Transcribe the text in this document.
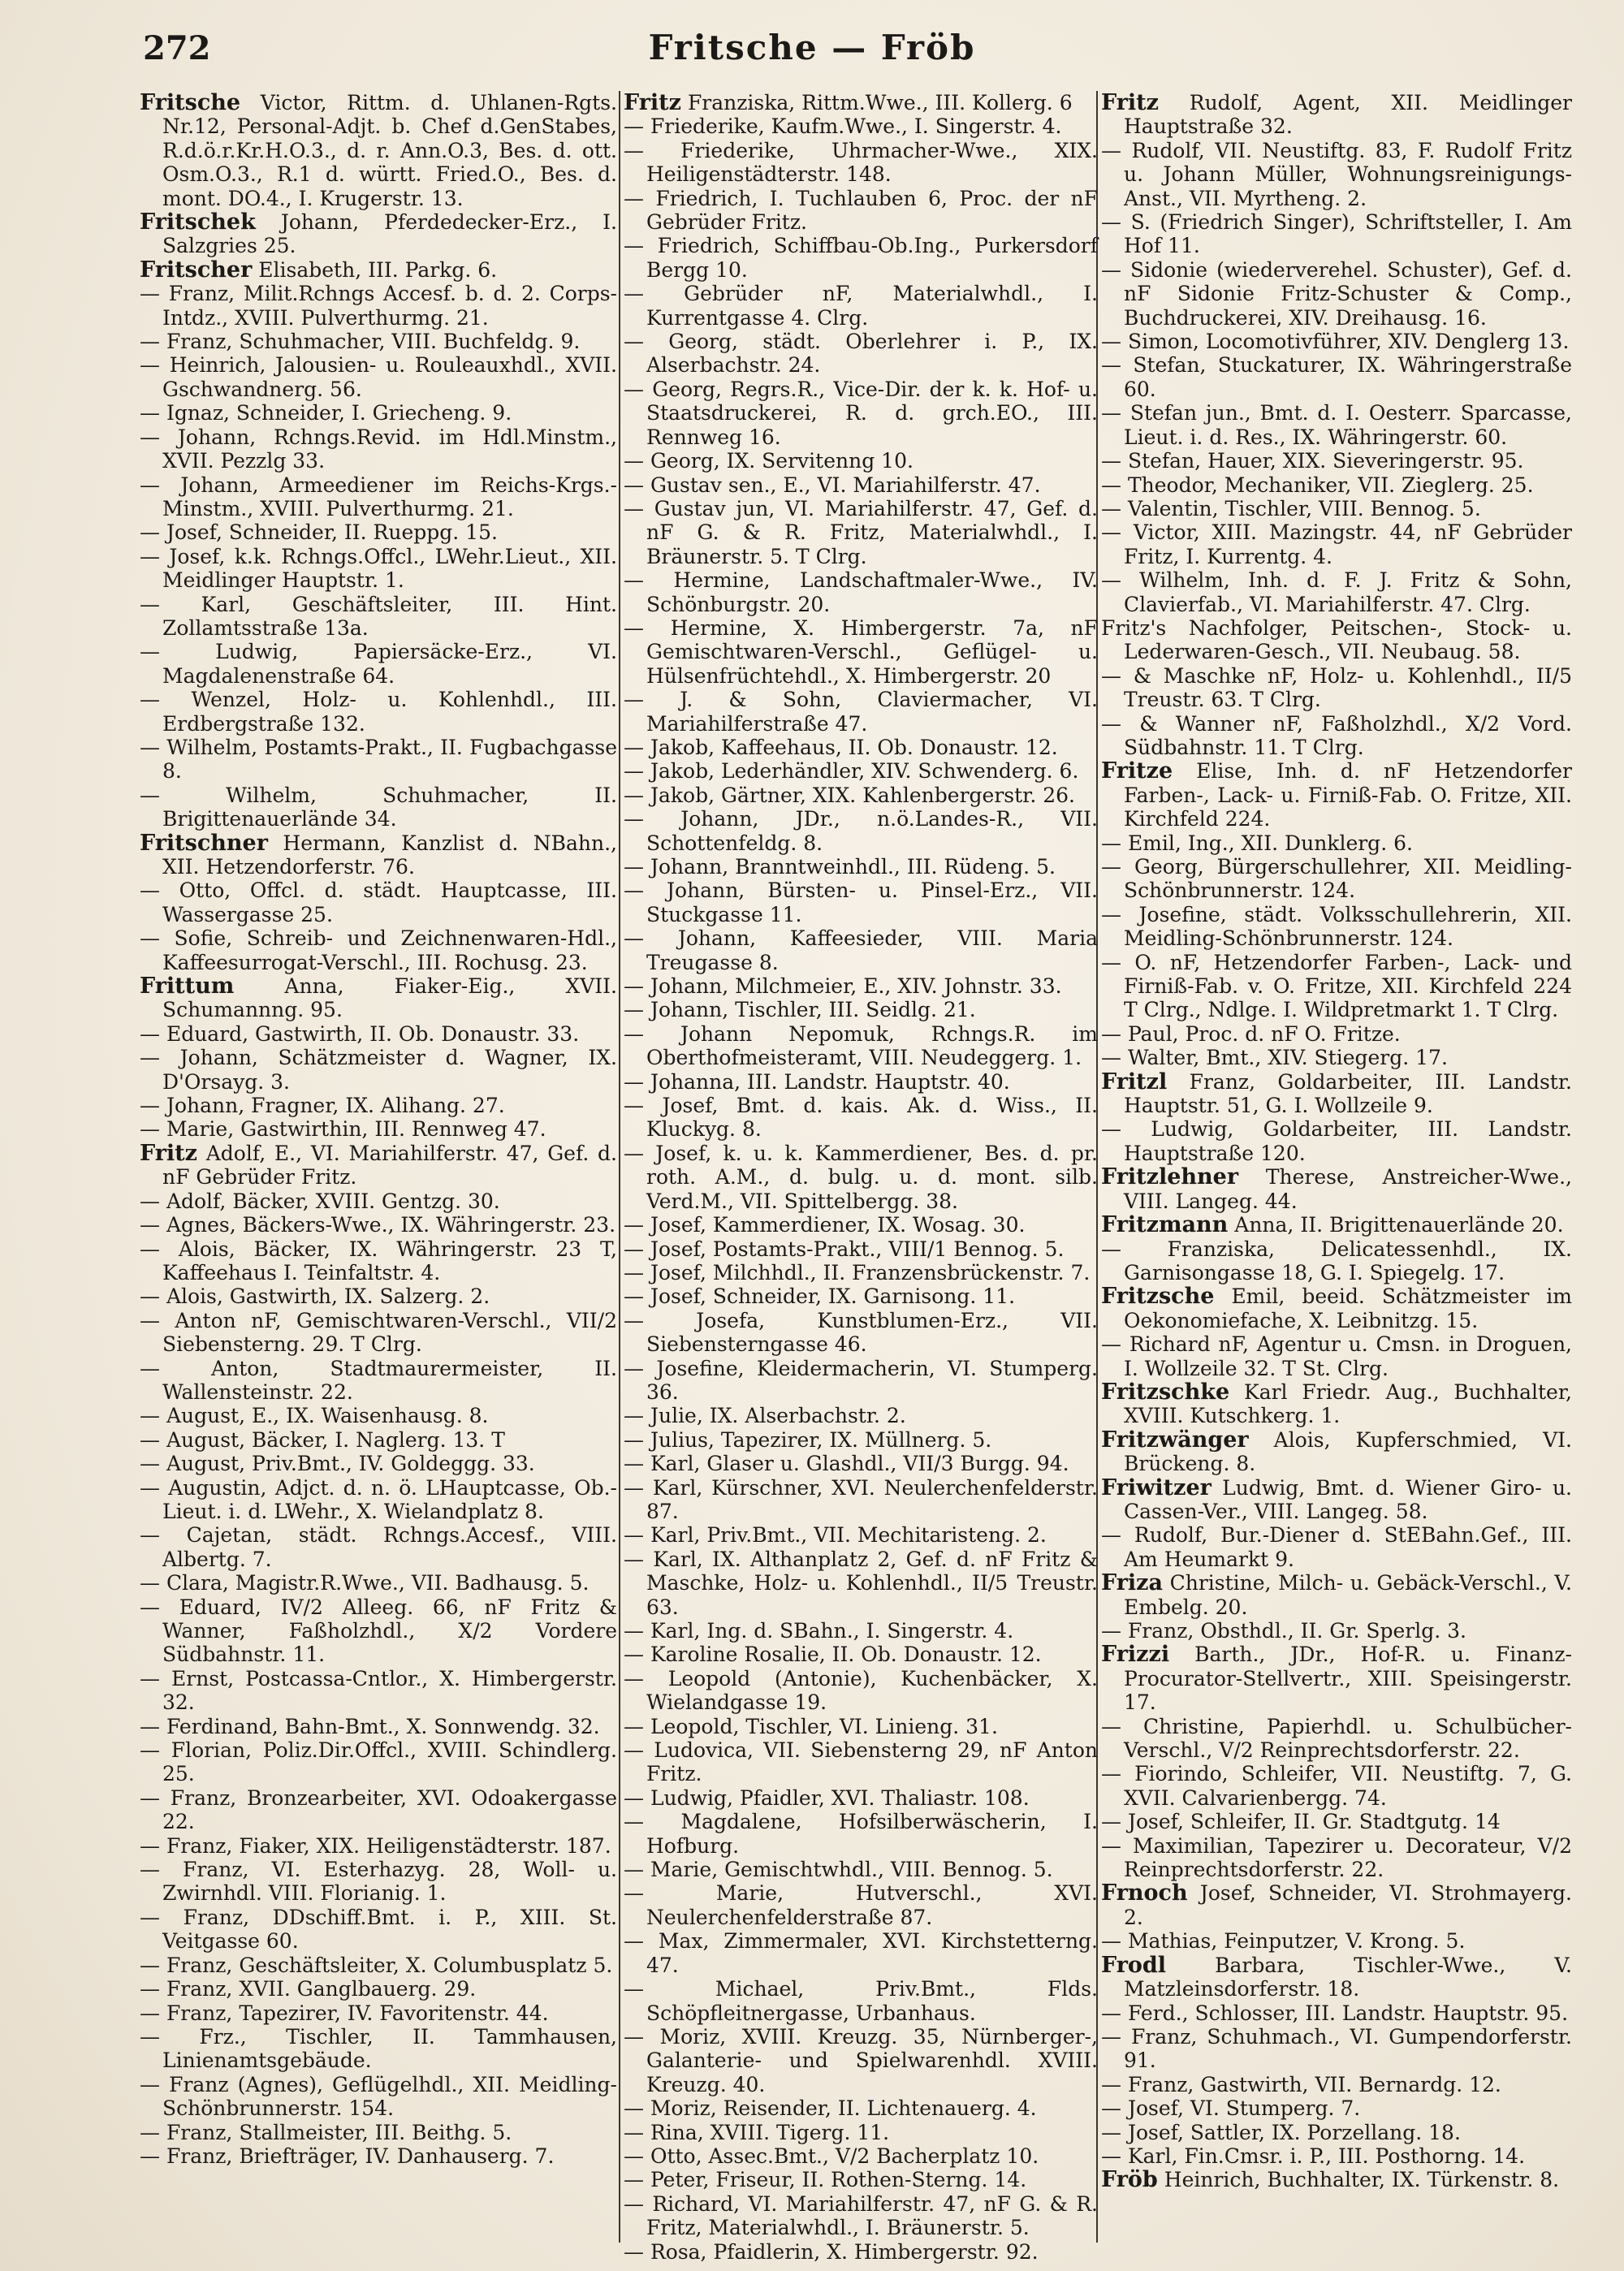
272	Fritsche — Fröb

Fritsche Victor, Rittm. d. Uhlanen-Rgts. Nr.12, Personal-Adjt. b. Chef d.GenStabes, R.d.ö.r.Kr.H.O.3., d. r. Ann.O.3, Bes. d. ott. Osm.O.3., R.1 d. württ. Fried.O., Bes. d. mont. DO.4., I. Krugerstr. 13.

Fritschek Johann, Pferdedecker-Erz., I. Salzgries 25.

Fritscher Elisabeth, III. Parkg. 6.

— Franz, Milit.Rchngs Accesf. b. d. 2. Corps-Intdz., XVIII. Pulverthurmg. 21.

— Franz, Schuhmacher, VIII. Buchfeldg. 9.

— Heinrich, Jalousien- u. Rouleauxhdl., XVII. Gschwandnerg. 56.

— Ignaz, Schneider, I. Griecheng. 9.

— Johann, Rchngs.Revid. im Hdl.Minstm., XVII. Pezzlg 33.

— Johann, Armeediener im Reichs-Krgs.-Minstm., XVIII. Pulverthurmg. 21.

— Josef, Schneider, II. Rueppg. 15.

— Josef, k.k. Rchngs.Offcl., LWehr.Lieut., XII. Meidlinger Hauptstr. 1.

— Karl, Geschäftsleiter, III. Hint. Zollamtsstraße 13a.

— Ludwig, Papiersäcke-Erz., VI. Magdalenenstraße 64.

— Wenzel, Holz- u. Kohlenhdl., III. Erdbergstraße 132.

— Wilhelm, Postamts-Prakt., II. Fugbachgasse 8.

— Wilhelm, Schuhmacher, II. Brigittenauerlände 34.

Fritschner Hermann, Kanzlist d. NBahn., XII. Hetzendorferstr. 76.

— Otto, Offcl. d. städt. Hauptcasse, III. Wassergasse 25.

— Sofie, Schreib- und Zeichnenwaren-Hdl., Kaffeesurrogat-Verschl., III. Rochusg. 23.

Frittum Anna, Fiaker-Eig., XVII. Schumannng. 95.

— Eduard, Gastwirth, II. Ob. Donaustr. 33.

— Johann, Schätzmeister d. Wagner, IX. D'Orsayg. 3.

— Johann, Fragner, IX. Alihang. 27.

— Marie, Gastwirthin, III. Rennweg 47.

Fritz Adolf, E., VI. Mariahilferstr. 47, Gef. d. nF Gebrüder Fritz.

— Adolf, Bäcker, XVIII. Gentzg. 30.

— Agnes, Bäckers-Wwe., IX. Währingerstr. 23.

— Alois, Bäcker, IX. Währingerstr. 23 T, Kaffeehaus I. Teinfaltstr. 4.

— Alois, Gastwirth, IX. Salzerg. 2.

— Anton nF, Gemischtwaren-Verschl., VII/2 Siebensterng. 29. T Clrg.

— Anton, Stadtmaurermeister, II. Wallensteinstr. 22.

— August, E., IX. Waisenhausg. 8.

— August, Bäcker, I. Naglerg. 13. T

— August, Priv.Bmt., IV. Goldeggg. 33.

— Augustin, Adjct. d. n. ö. LHauptcasse, Ob.-Lieut. i. d. LWehr., X. Wielandplatz 8.

— Cajetan, städt. Rchngs.Accesf., VIII. Albertg. 7.

— Clara, Magistr.R.Wwe., VII. Badhausg. 5.

— Eduard, IV/2 Alleeg. 66, nF Fritz & Wanner, Faßholzhdl., X/2 Vordere Südbahnstr. 11.

— Ernst, Postcassa-Cntlor., X. Himbergerstr. 32.

— Ferdinand, Bahn-Bmt., X. Sonnwendg. 32.

— Florian, Poliz.Dir.Offcl., XVIII. Schindlerg. 25.

— Franz, Bronzearbeiter, XVI. Odoakergasse 22.

— Franz, Fiaker, XIX. Heiligenstädterstr. 187.

— Franz, VI. Esterhazyg. 28, Woll- u. Zwirnhdl. VIII. Florianig. 1.

— Franz, DDschiff.Bmt. i. P., XIII. St. Veitgasse 60.

— Franz, Geschäftsleiter, X. Columbusplatz 5.

— Franz, XVII. Ganglbauerg. 29.

— Franz, Tapezirer, IV. Favoritenstr. 44.

— Frz., Tischler, II. Tammhausen, Linienamtsgebäude.

— Franz (Agnes), Geflügelhdl., XII. Meidling-Schönbrunnerstr. 154.

— Franz, Stallmeister, III. Beithg. 5.

— Franz, Briefträger, IV. Danhauserg. 7.

Fritz Franziska, Rittm.Wwe., III. Kollerg. 6

— Friederike, Kaufm.Wwe., I. Singerstr. 4.

— Friederike, Uhrmacher-Wwe., XIX. Heiligenstädterstr. 148.

— Friedrich, I. Tuchlauben 6, Proc. der nF Gebrüder Fritz.

— Friedrich, Schiffbau-Ob.Ing., Purkersdorf Bergg 10.

— Gebrüder nF, Materialwhdl., I. Kurrentgasse 4. Clrg.

— Georg, städt. Oberlehrer i. P., IX. Alserbachstr. 24.

— Georg, Regrs.R., Vice-Dir. der k. k. Hof- u. Staatsdruckerei, R. d. grch.EO., III. Rennweg 16.

— Georg, IX. Servitenng 10.

— Gustav sen., E., VI. Mariahilferstr. 47.

— Gustav jun, VI. Mariahilferstr. 47, Gef. d. nF G. & R. Fritz, Materialwhdl., I. Bräunerstr. 5. T Clrg.

— Hermine, Landschaftmaler-Wwe., IV. Schönburgstr. 20.

— Hermine, X. Himbergerstr. 7a, nF Gemischtwaren-Verschl., Geflügel- u. Hülsenfrüchtehdl., X. Himbergerstr. 20

— J. & Sohn, Claviermacher, VI. Mariahilferstraße 47.

— Jakob, Kaffeehaus, II. Ob. Donaustr. 12.

— Jakob, Lederhändler, XIV. Schwenderg. 6.

— Jakob, Gärtner, XIX. Kahlenbergerstr. 26.

— Johann, JDr., n.ö.Landes-R., VII. Schottenfeldg. 8.

— Johann, Branntweinhdl., III. Rüdeng. 5.

— Johann, Bürsten- u. Pinsel-Erz., VII. Stuckgasse 11.

— Johann, Kaffeesieder, VIII. Maria Treugasse 8.

— Johann, Milchmeier, E., XIV. Johnstr. 33.

— Johann, Tischler, III. Seidlg. 21.

— Johann Nepomuk, Rchngs.R. im Oberthofmeisteramt, VIII. Neudeggerg. 1.

— Johanna, III. Landstr. Hauptstr. 40.

— Josef, Bmt. d. kais. Ak. d. Wiss., II. Kluckyg. 8.

— Josef, k. u. k. Kammerdiener, Bes. d. pr. roth. A.M., d. bulg. u. d. mont. silb. Verd.M., VII. Spittelbergg. 38.

— Josef, Kammerdiener, IX. Wosag. 30.

— Josef, Postamts-Prakt., VIII/1 Bennog. 5.

— Josef, Milchhdl., II. Franzensbrückenstr. 7.

— Josef, Schneider, IX. Garnisong. 11.

— Josefa, Kunstblumen-Erz., VII. Siebensterngasse 46.

— Josefine, Kleidermacherin, VI. Stumperg. 36.

— Julie, IX. Alserbachstr. 2.

— Julius, Tapezirer, IX. Müllnerg. 5.

— Karl, Glaser u. Glashdl., VII/3 Burgg. 94.

— Karl, Kürschner, XVI. Neulerchenfelderstr. 87.

— Karl, Priv.Bmt., VII. Mechitaristeng. 2.

— Karl, IX. Althanplatz 2, Gef. d. nF Fritz & Maschke, Holz- u. Kohlenhdl., II/5 Treustr. 63.

— Karl, Ing. d. SBahn., I. Singerstr. 4.

— Karoline Rosalie, II. Ob. Donaustr. 12.

— Leopold (Antonie), Kuchenbäcker, X. Wielandgasse 19.

— Leopold, Tischler, VI. Linieng. 31.

— Ludovica, VII. Siebensterng 29, nF Anton Fritz.

— Ludwig, Pfaidler, XVI. Thaliastr. 108.

— Magdalene, Hofsilberwäscherin, I. Hofburg.

— Marie, Gemischtwhdl., VIII. Bennog. 5.

— Marie, Hutverschl., XVI. Neulerchenfelderstraße 87.

— Max, Zimmermaler, XVI. Kirchstetterng. 47.

— Michael, Priv.Bmt., Flds. Schöpfleitnergasse, Urbanhaus.

— Moriz, XVIII. Kreuzg. 35, Nürnberger-, Galanterie- und Spielwarenhdl. XVIII. Kreuzg. 40.

— Moriz, Reisender, II. Lichtenauerg. 4.

— Rina, XVIII. Tigerg. 11.

— Otto, Assec.Bmt., V/2 Bacherplatz 10.

— Peter, Friseur, II. Rothen-Sterng. 14.

— Richard, VI. Mariahilferstr. 47, nF G. & R. Fritz, Materialwhdl., I. Bräunerstr. 5.

— Rosa, Pfaidlerin, X. Himbergerstr. 92.

Fritz Rudolf, Agent, XII. Meidlinger Hauptstraße 32.

— Rudolf, VII. Neustiftg. 83, F. Rudolf Fritz u. Johann Müller, Wohnungsreinigungs-Anst., VII. Myrtheng. 2.

— S. (Friedrich Singer), Schriftsteller, I. Am Hof 11.

— Sidonie (wiederverehel. Schuster), Gef. d. nF Sidonie Fritz-Schuster & Comp., Buchdruckerei, XIV. Dreihausg. 16.

— Simon, Locomotivführer, XIV. Denglerg 13.

— Stefan, Stuckaturer, IX. Währingerstraße 60.

— Stefan jun., Bmt. d. I. Oesterr. Sparcasse, Lieut. i. d. Res., IX. Währingerstr. 60.

— Stefan, Hauer, XIX. Sieveringerstr. 95.

— Theodor, Mechaniker, VII. Zieglerg. 25.

— Valentin, Tischler, VIII. Bennog. 5.

— Victor, XIII. Mazingstr. 44, nF Gebrüder Fritz, I. Kurrentg. 4.

— Wilhelm, Inh. d. F. J. Fritz & Sohn, Clavierfab., VI. Mariahilferstr. 47. Clrg.

Fritz's Nachfolger, Peitschen-, Stock- u. Lederwaren-Gesch., VII. Neubaug. 58.

— & Maschke nF, Holz- u. Kohlenhdl., II/5 Treustr. 63. T Clrg.

— & Wanner nF, Faßholzhdl., X/2 Vord. Südbahnstr. 11. T Clrg.

Fritze Elise, Inh. d. nF Hetzendorfer Farben-, Lack- u. Firniß-Fab. O. Fritze, XII. Kirchfeld 224.

— Emil, Ing., XII. Dunklerg. 6.

— Georg, Bürgerschullehrer, XII. Meidling-Schönbrunnerstr. 124.

— Josefine, städt. Volksschullehrerin, XII. Meidling-Schönbrunnerstr. 124.

— O. nF, Hetzendorfer Farben-, Lack- und Firniß-Fab. v. O. Fritze, XII. Kirchfeld 224 T Clrg., Ndlge. I. Wildpretmarkt 1. T Clrg.

— Paul, Proc. d. nF O. Fritze.

— Walter, Bmt., XIV. Stiegerg. 17.

Fritzl Franz, Goldarbeiter, III. Landstr. Hauptstr. 51, G. I. Wollzeile 9.

— Ludwig, Goldarbeiter, III. Landstr. Hauptstraße 120.

Fritzlehner Therese, Anstreicher-Wwe., VIII. Langeg. 44.

Fritzmann Anna, II. Brigittenauerlände 20.

— Franziska, Delicatessenhdl., IX. Garnisongasse 18, G. I. Spiegelg. 17.

Fritzsche Emil, beeid. Schätzmeister im Oekonomiefache, X. Leibnitzg. 15.

— Richard nF, Agentur u. Cmsn. in Droguen, I. Wollzeile 32. T St. Clrg.

Fritzschke Karl Friedr. Aug., Buchhalter, XVIII. Kutschkerg. 1.

Fritzwänger Alois, Kupferschmied, VI. Brückeng. 8.

Friwitzer Ludwig, Bmt. d. Wiener Giro- u. Cassen-Ver., VIII. Langeg. 58.

— Rudolf, Bur.-Diener d. StEBahn.Gef., III. Am Heumarkt 9.

Friza Christine, Milch- u. Gebäck-Verschl., V. Embelg. 20.

— Franz, Obsthdl., II. Gr. Sperlg. 3.

Frizzi Barth., JDr., Hof-R. u. Finanz-Procurator-Stellvertr., XIII. Speisingerstr. 17.

— Christine, Papierhdl. u. Schulbücher-Verschl., V/2 Reinprechtsdorferstr. 22.

— Fiorindo, Schleifer, VII. Neustiftg. 7, G. XVII. Calvarienbergg. 74.

— Josef, Schleifer, II. Gr. Stadtgutg. 14

— Maximilian, Tapezirer u. Decorateur, V/2 Reinprechtsdorferstr. 22.

Frnoch Josef, Schneider, VI. Strohmayerg. 2.

— Mathias, Feinputzer, V. Krong. 5.

Frodl Barbara, Tischler-Wwe., V. Matzleinsdorferstr. 18.

— Ferd., Schlosser, III. Landstr. Hauptstr. 95.

— Franz, Schuhmach., VI. Gumpendorferstr. 91.

— Franz, Gastwirth, VII. Bernardg. 12.

— Josef, VI. Stumperg. 7.

— Josef, Sattler, IX. Porzellang. 18.

— Karl, Fin.Cmsr. i. P., III. Posthorng. 14.

Fröb Heinrich, Buchhalter, IX. Türkenstr. 8.
